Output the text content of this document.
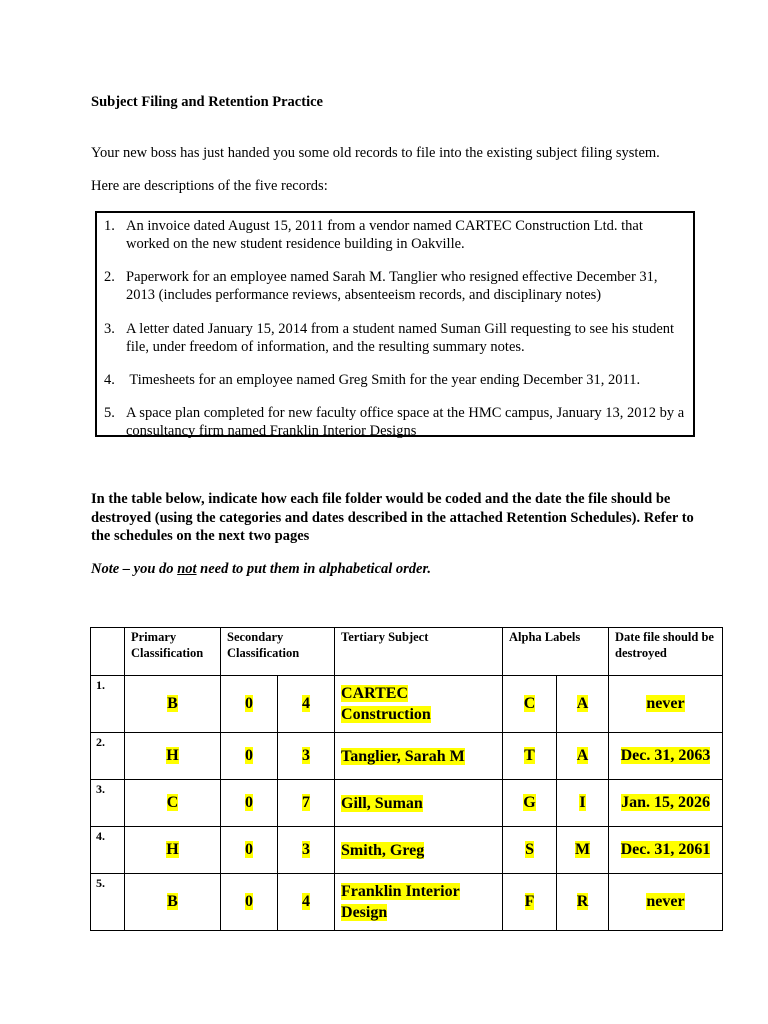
Subject Filing and Retention Practice
Your new boss has just handed you some old records to file into the existing subject filing system.
Here are descriptions of the five records:
1. An invoice dated August 15, 2011 from a vendor named CARTEC Construction Ltd. that worked on the new student residence building in Oakville.
2. Paperwork for an employee named Sarah M. Tanglier who resigned effective December 31, 2013 (includes performance reviews, absenteeism records, and disciplinary notes)
3. A letter dated January 15, 2014 from a student named Suman Gill requesting to see his student file, under freedom of information, and the resulting summary notes.
4. Timesheets for an employee named Greg Smith for the year ending December 31, 2011.
5. A space plan completed for new faculty office space at the HMC campus, January 13, 2012 by a consultancy firm named Franklin Interior Designs
In the table below, indicate how each file folder would be coded and the date the file should be destroyed (using the categories and dates described in the attached Retention Schedules). Refer to the schedules on the next two pages
Note – you do not need to put them in alphabetical order.
	Primary Classification	Secondary Classification		Tertiary Subject	Alpha Labels		Date file should be destroyed
1.	B	0	4	CARTEC Construction	C	A	never
2.	H	0	3	Tanglier, Sarah M	T	A	Dec. 31, 2063
3.	C	0	7	Gill, Suman	G	I	Jan. 15, 2026
4.	H	0	3	Smith, Greg	S	M	Dec. 31, 2061
5.	B	0	4	Franklin Interior Design	F	R	never
